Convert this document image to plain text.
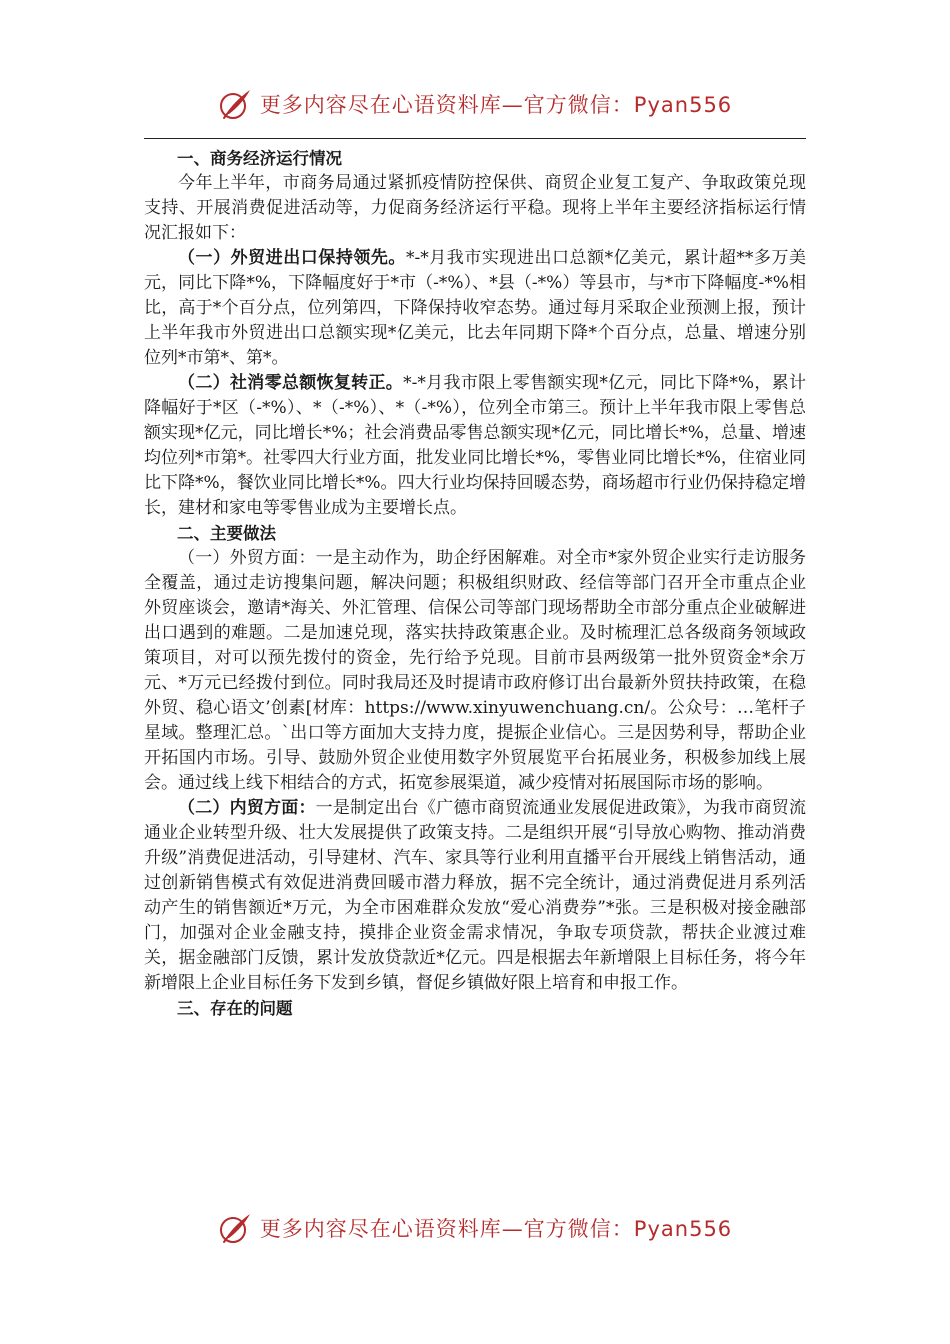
更多内容尽在心语资料库—官方微信：Pyan556

一、商务经济运行情况

今年上半年，市商务局通过紧抓疫情防控保供、商贸企业复工复产、争取政策兑现支持、开展消费促进活动等，力促商务经济运行平稳。现将上半年主要经济指标运行情况汇报如下：

（一）外贸进出口保持领先。*-*月我市实现进出口总额*亿美元，累计超**多万美元，同比下降*%，下降幅度好于*市（-*%）、*县（-*%）等县市，与*市下降幅度-*%相比，高于*个百分点，位列第四，下降保持收窄态势。通过每月采取企业预测上报，预计上半年我市外贸进出口总额实现*亿美元，比去年同期下降*个百分点，总量、增速分别位列*市第*、第*。

（二）社消零总额恢复转正。*-*月我市限上零售额实现*亿元，同比下降*%，累计降幅好于*区（-*%）、*（-*%）、*（-*%），位列全市第三。预计上半年我市限上零售总额实现*亿元，同比增长*%；社会消费品零售总额实现*亿元，同比增长*%，总量、增速均位列*市第*。社零四大行业方面，批发业同比增长*%，零售业同比增长*%，住宿业同比下降*%，餐饮业同比增长*%。四大行业均保持回暖态势，商场超市行业仍保持稳定增长，建材和家电等零售业成为主要增长点。

二、主要做法

（一）外贸方面：一是主动作为，助企纾困解难。对全市*家外贸企业实行走访服务全覆盖，通过走访搜集问题，解决问题；积极组织财政、经信等部门召开全市重点企业外贸座谈会，邀请*海关、外汇管理、信保公司等部门现场帮助全市部分重点企业破解进出口遇到的难题。二是加速兑现，落实扶持政策惠企业。及时梳理汇总各级商务领域政策项目，对可以预先拨付的资金，先行给予兑现。目前市县两级第一批外贸资金*余万元、*万元已经拨付到位。同时我局还及时提请市政府修订出台最新外贸扶持政策，在稳外贸、稳心语文’创素[材库：https://www.xinyuwenchuang.cn/。公众号：…笔杆子星域。整理汇总。`出口等方面加大支持力度，提振企业信心。三是因势利导，帮助企业开拓国内市场。引导、鼓励外贸企业使用数字外贸展览平台拓展业务，积极参加线上展会。通过线上线下相结合的方式，拓宽参展渠道，减少疫情对拓展国际市场的影响。

（二）内贸方面：一是制定出台《广德市商贸流通业发展促进政策》，为我市商贸流通业企业转型升级、壮大发展提供了政策支持。二是组织开展“引导放心购物、推动消费升级”消费促进活动，引导建材、汽车、家具等行业利用直播平台开展线上销售活动，通过创新销售模式有效促进消费回暖市潜力释放，据不完全统计，通过消费促进月系列活动产生的销售额近*万元，为全市困难群众发放“爱心消费券”*张。三是积极对接金融部门，加强对企业金融支持，摸排企业资金需求情况，争取专项贷款，帮扶企业渡过难关，据金融部门反馈，累计发放贷款近*亿元。四是根据去年新增限上目标任务，将今年新增限上企业目标任务下发到乡镇，督促乡镇做好限上培育和申报工作。

三、存在的问题

更多内容尽在心语资料库—官方微信：Pyan556
